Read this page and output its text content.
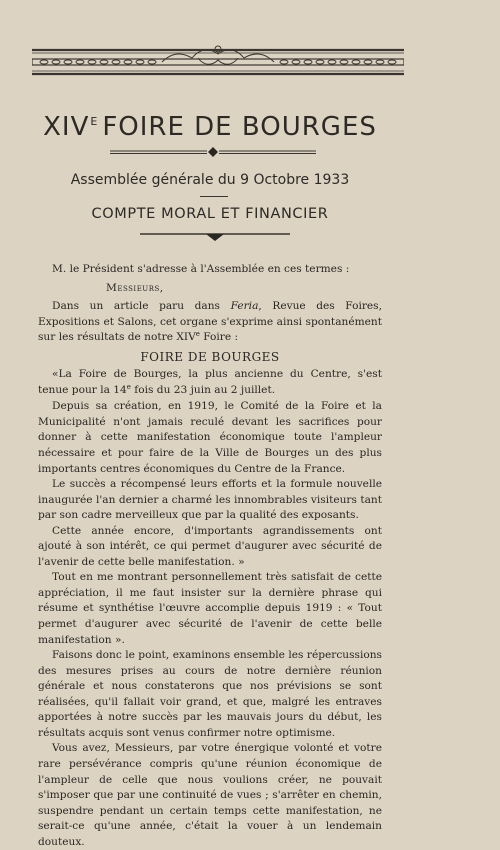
$XIV^E$ FOIRE DE BOURGES
Assemblée générale du 9 Octobre 1933
COMPTE MORAL ET FINANCIER

M. le Président s'adresse à l'Assemblée en ces termes :

Messieurs,

Dans un article paru dans Feria, Revue des Foires, Expositions et Salons, cet organe s'exprime ainsi spontanément sur les résultats de notre XIVe Foire :

FOIRE DE BOURGES

«La Foire de Bourges, la plus ancienne du Centre, s'est tenue pour la 14e fois du 23 juin au 2 juillet.

Depuis sa création, en 1919, le Comité de la Foire et la Municipalité n'ont jamais reculé devant les sacrifices pour donner à cette manifestation économique toute l'ampleur nécessaire et pour faire de la Ville de Bourges un des plus importants centres économiques du Centre de la France.

Le succès a récompensé leurs efforts et la formule nouvelle inaugurée l'an dernier a charmé les innombrables visiteurs tant par son cadre merveilleux que par la qualité des exposants.

Cette année encore, d'importants agrandissements ont ajouté à son intérêt, ce qui permet d'augurer avec sécurité de l'avenir de cette belle manifestation. »

Tout en me montrant personnellement très satisfait de cette appréciation, il me faut insister sur la dernière phrase qui résume et synthétise l'œuvre accomplie depuis 1919 : « Tout permet d'augurer avec sécurité de l'avenir de cette belle manifestation ».

Faisons donc le point, examinons ensemble les répercussions des mesures prises au cours de notre dernière réunion générale et nous constaterons que nos prévisions se sont réalisées, qu'il fallait voir grand, et que, malgré les entraves apportées à notre succès par les mauvais jours du début, les résultats acquis sont venus confirmer notre optimisme.

Vous avez, Messieurs, par votre énergique volonté et votre rare persévérance compris qu'une réunion économique de l'ampleur de celle que nous voulions créer, ne pouvait s'imposer que par une continuité de vues ; s'arrêter en chemin, suspendre pendant un certain temps cette manifestation, ne serait-ce qu'une année, c'était la vouer à un lendemain douteux.
